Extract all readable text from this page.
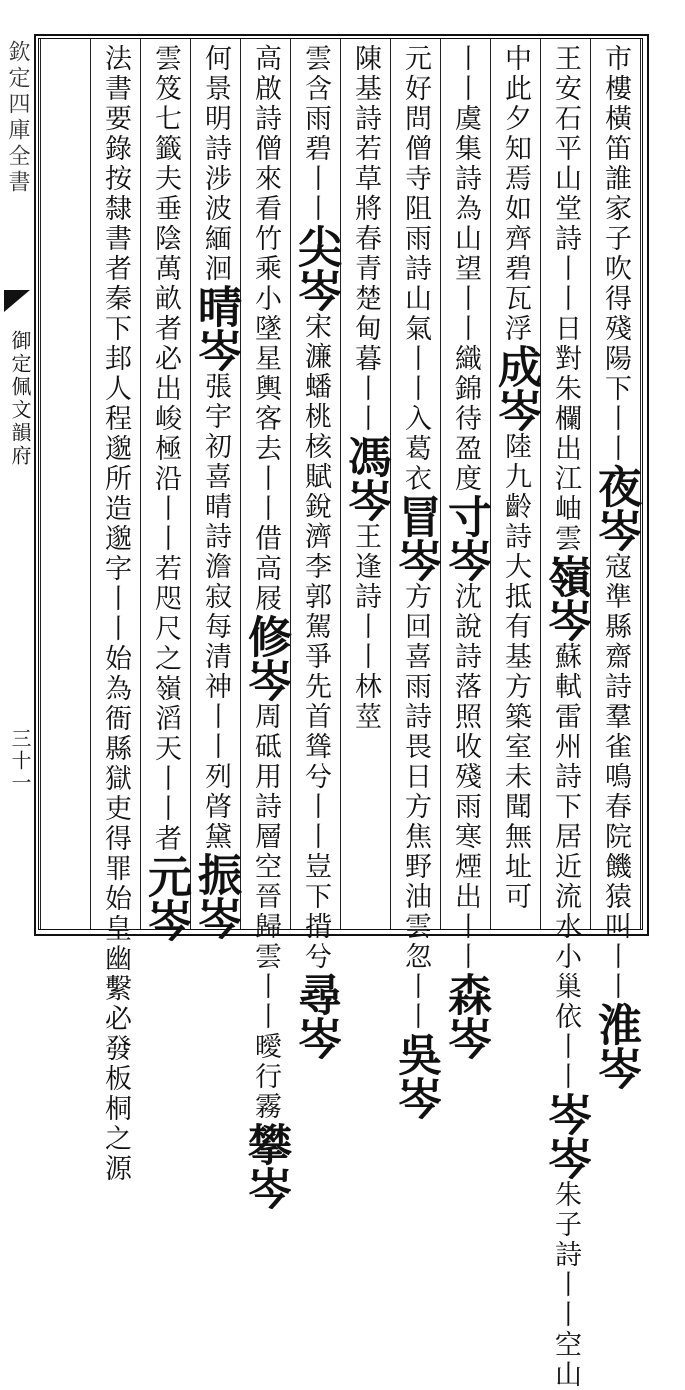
欽定四庫全書
御定佩文韻府
三十一
市樓橫笛誰家子吹得殘陽下丨丨夜岑寇準縣齋詩羣雀鳴春院饑猿叫丨丨淮岑
王安石平山堂詩丨丨日對朱欄出江岫雲嶺岑蘇軾雷州詩下居近流水小巢依丨丨岑岑朱子詩丨丨空山
中此夕知焉如齊碧瓦浮成岑陸九齡詩大抵有基方築室未聞無址可
丨丨虞集詩為山望丨丨織錦待盈度寸岑沈說詩落照收殘雨寒煙出丨丨森岑
元好問僧寺阻雨詩山氣丨丨入葛衣冒岑方回喜雨詩畏日方焦野油雲忽丨丨吳岑
陳基詩若草將春青楚甸暮丨丨馮岑王逢詩丨丨林莖
雲含雨碧丨丨尖岑宋濂蟠桃核賦銳濟李郭駕爭先首聳兮丨丨豈下揹兮尋岑
高啟詩僧來看竹乘小墜星輿客去丨丨借高屐修岑周砥用詩層空晉歸雲丨丨曖行霧攀岑
何景明詩涉波緬洄晴岑張宇初喜晴詩澹寂每清神丨丨列䏿黛振岑
雲笈七籤夫垂陰萬畝者必出峻極沿丨丨若咫尺之嶺滔天丨丨者元岑
法書要錄按隸書者秦下邽人程邈所造邈字丨丨始為衙縣獄吏得罪始皇幽繫必發板桐之源
